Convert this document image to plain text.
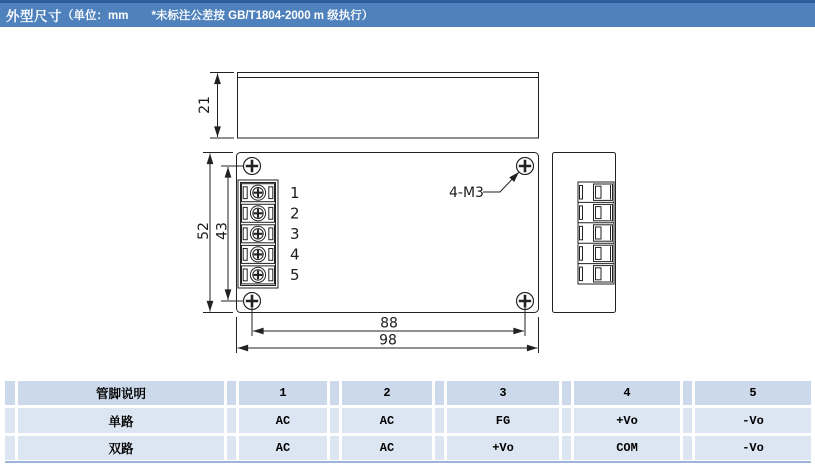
外型尺寸 （单位：mm　　*未标注公差按 GB/T1804-2000 m 级执行）
21
1
2
3
4
5
4-M3
52 43
88
98
管脚说明	1	2	3	4	5
单路	AC	AC	FG	+Vo	-Vo
双路	AC	AC	+Vo	COM	-Vo
